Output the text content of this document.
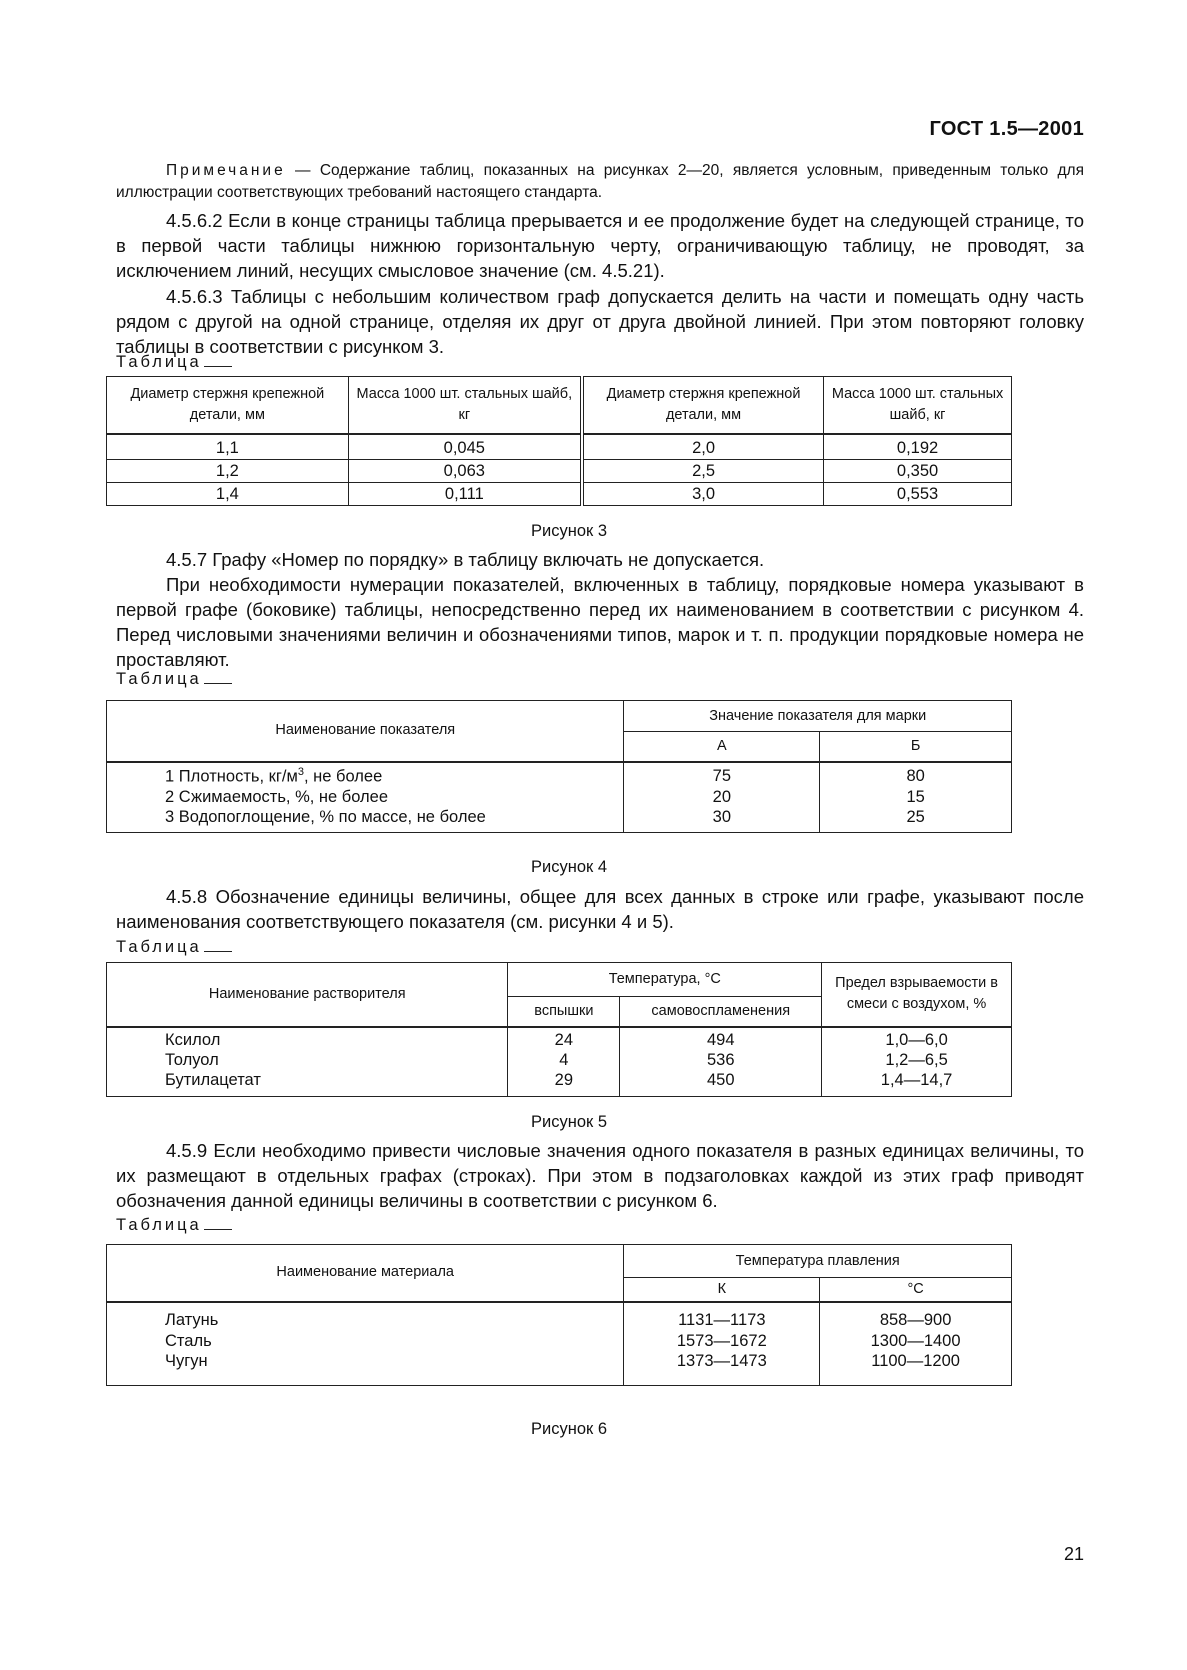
ГОСТ 1.5—2001
Примечание — Содержание таблиц, показанных на рисунках 2—20, является условным, приведенным только для иллюстрации соответствующих требований настоящего стандарта.
4.5.6.2 Если в конце страницы таблица прерывается и ее продолжение будет на следующей странице, то в первой части таблицы нижнюю горизонтальную черту, ограничивающую таблицу, не проводят, за исключением линий, несущих смысловое значение (см. 4.5.21).
4.5.6.3 Таблицы с небольшим количеством граф допускается делить на части и помещать одну часть рядом с другой на одной странице, отделяя их друг от друга двойной линией. При этом повторяют головку таблицы в соответствии с рисунком 3.
Таблица
Диаметр стержня крепежной детали, мм	Масса 1000 шт. стальных шайб, кг	Диаметр стержня крепежной детали, мм	Масса 1000 шт. стальных шайб, кг

1,1	0,045	2,0	0,192
1,2	0,063	2,5	0,350
1,4	0,111	3,0	0,553
Рисунок 3
4.5.7 Графу «Номер по порядку» в таблицу включать не допускается.
При необходимости нумерации показателей, включенных в таблицу, порядковые номера указывают в первой графе (боковике) таблицы, непосредственно перед их наименованием в соответствии с рисунком 4. Перед числовыми значениями величин и обозначениями типов, марок и т. п. продукции порядковые номера не проставляют.
Таблица
Наименование показателя	Значение показателя для марки	
	А	Б

1 Плотность, $кг/м^3$, не более	75	80
2 Сжимаемость, %, не более	20	15
3 Водопоглощение, % по массе, не более	30	25
Рисунок 4
4.5.8 Обозначение единицы величины, общее для всех данных в строке или графе, указывают после наименования соответствующего показателя (см. рисунки 4 и 5).
Таблица
Наименование растворителя	Температура, °С		Предел взрываемости в смеси с воздухом, %
	вспышки	самовоспламенения	

Ксилол	24	494	1,0—6,0
Толуол	4	536	1,2—6,5
Бутилацетат	29	450	1,4—14,7
Рисунок 5
4.5.9 Если необходимо привести числовые значения одного показателя в разных единицах величины, то их размещают в отдельных графах (строках). При этом в подзаголовках каждой из этих граф приводят обозначения данной единицы величины в соответствии с рисунком 6.
Таблица
Наименование материала	Температура плавления	
	К	°С

Латунь	1131—1173	858—900
Сталь	1573—1672	1300—1400
Чугун	1373—1473	1100—1200
Рисунок 6
21
